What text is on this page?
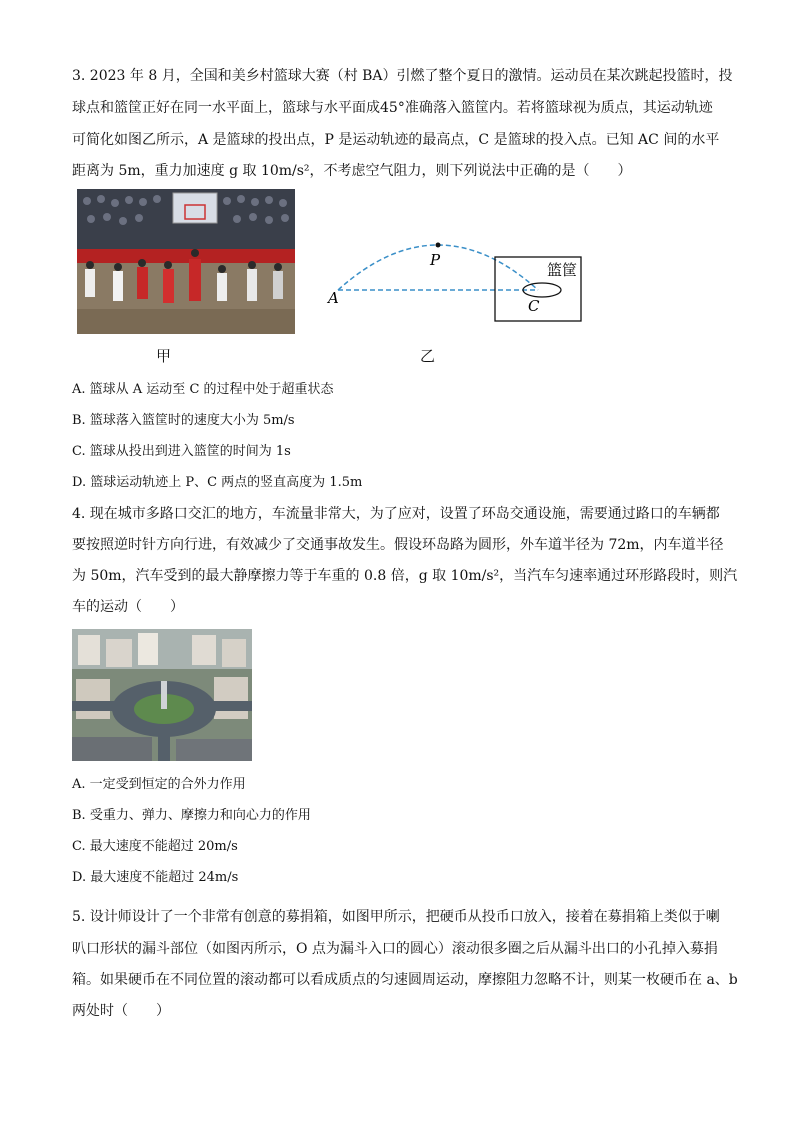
3. 2023 年 8 月，全国和美乡村篮球大赛（村 BA）引燃了整个夏日的激情。运动员在某次跳起投篮时，投
球点和篮筐正好在同一水平面上，篮球与水平面成45°准确落入篮筐内。若将篮球视为质点，其运动轨迹
可简化如图乙所示，A 是篮球的投出点，P 是运动轨迹的最高点，C 是篮球的投入点。已知 AC 间的水平
距离为 5m，重力加速度 g 取 10m/s²，不考虑空气阻力，则下列说法中正确的是（　　）
甲
A
P
C
篮筐
乙
A. 篮球从 A 运动至 C 的过程中处于超重状态
B. 篮球落入篮筐时的速度大小为 5m/s
C. 篮球从投出到进入篮筐的时间为 1s
D. 篮球运动轨迹上 P、C 两点的竖直高度为 1.5m
4. 现在城市多路口交汇的地方，车流量非常大，为了应对，设置了环岛交通设施，需要通过路口的车辆都
要按照逆时针方向行进，有效减少了交通事故发生。假设环岛路为圆形，外车道半径为 72m，内车道半径
为 50m，汽车受到的最大静摩擦力等于车重的 0.8 倍，g 取 10m/s²，当汽车匀速率通过环形路段时，则汽
车的运动（　　）
A. 一定受到恒定的合外力作用
B. 受重力、弹力、摩擦力和向心力的作用
C. 最大速度不能超过 20m/s
D. 最大速度不能超过 24m/s
5. 设计师设计了一个非常有创意的募捐箱，如图甲所示，把硬币从投币口放入，接着在募捐箱上类似于喇
叭口形状的漏斗部位（如图丙所示，O 点为漏斗入口的圆心）滚动很多圈之后从漏斗出口的小孔掉入募捐
箱。如果硬币在不同位置的滚动都可以看成质点的匀速圆周运动，摩擦阻力忽略不计，则某一枚硬币在 a、b
两处时（　　）
